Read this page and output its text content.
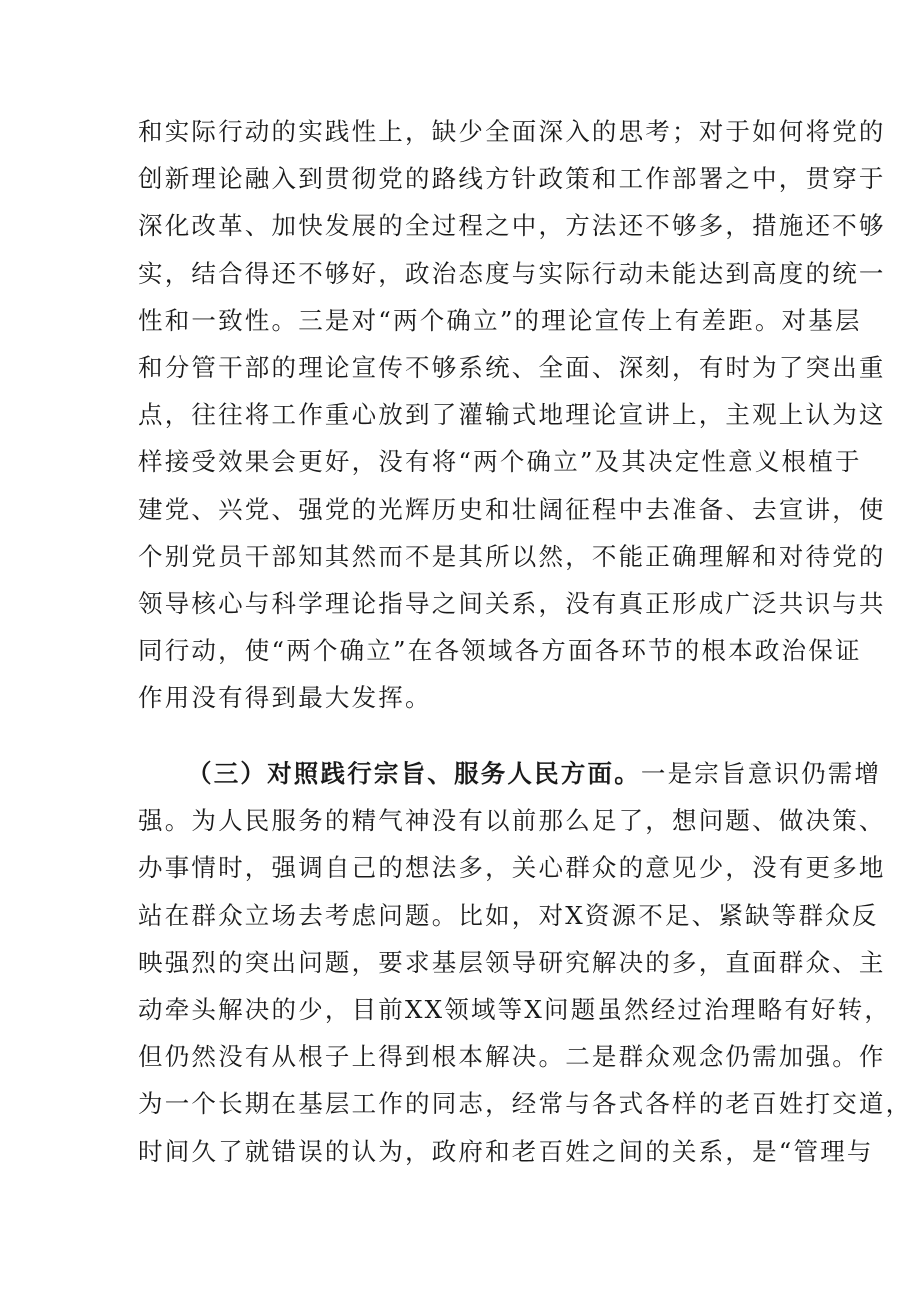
和实际行动的实践性上，缺少全面深入的思考；对于如何将党的
创新理论融入到贯彻党的路线方针政策和工作部署之中，贯穿于
深化改革、加快发展的全过程之中，方法还不够多，措施还不够
实，结合得还不够好，政治态度与实际行动未能达到高度的统一
性和一致性。三是对“两个确立”的理论宣传上有差距。对基层
和分管干部的理论宣传不够系统、全面、深刻，有时为了突出重
点，往往将工作重心放到了灌输式地理论宣讲上，主观上认为这
样接受效果会更好，没有将“两个确立”及其决定性意义根植于
建党、兴党、强党的光辉历史和壮阔征程中去准备、去宣讲，使
个别党员干部知其然而不是其所以然，不能正确理解和对待党的
领导核心与科学理论指导之间关系，没有真正形成广泛共识与共
同行动，使“两个确立”在各领域各方面各环节的根本政治保证
作用没有得到最大发挥。
（三）对照践行宗旨、服务人民方面。一是宗旨意识仍需增
强。为人民服务的精气神没有以前那么足了，想问题、做决策、
办事情时，强调自己的想法多，关心群众的意见少，没有更多地
站在群众立场去考虑问题。比如，对X资源不足、紧缺等群众反
映强烈的突出问题，要求基层领导研究解决的多，直面群众、主
动牵头解决的少，目前XX领域等X问题虽然经过治理略有好转，
但仍然没有从根子上得到根本解决。二是群众观念仍需加强。作
为一个长期在基层工作的同志，经常与各式各样的老百姓打交道，
时间久了就错误的认为，政府和老百姓之间的关系，是“管理与
